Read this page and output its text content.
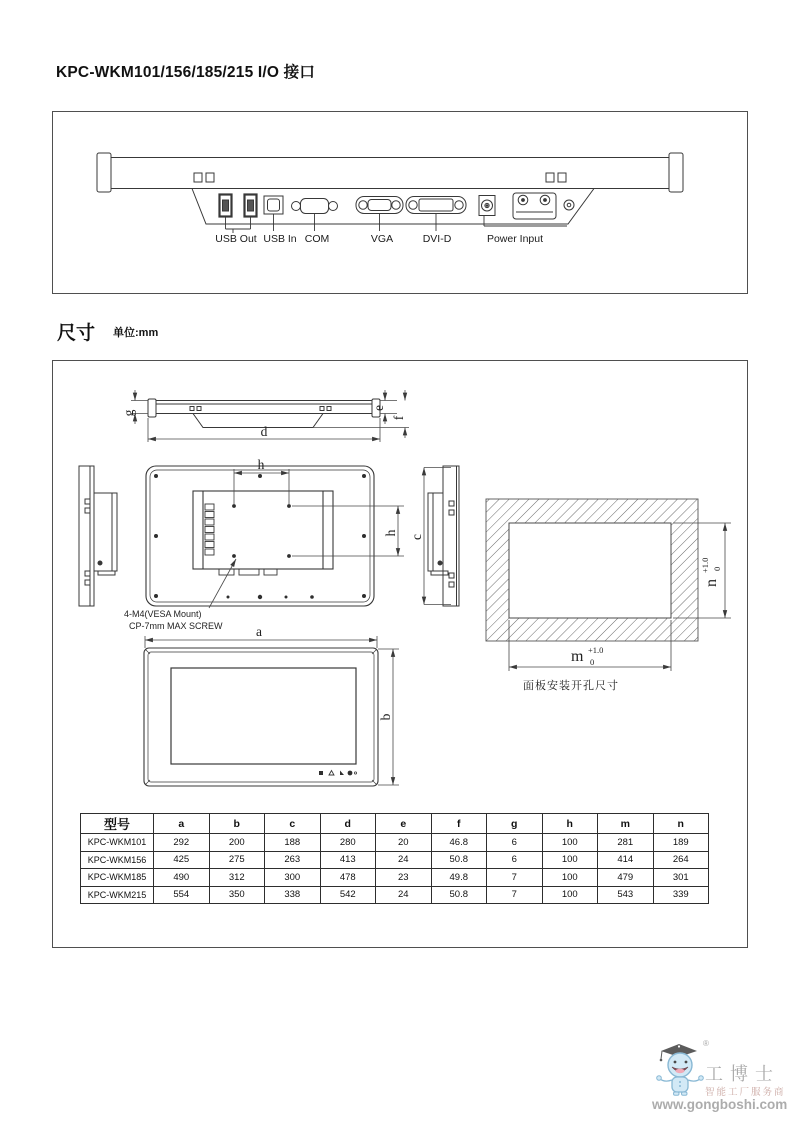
KPC-WKM101/156/185/215 I/O 接口
USB Out USB In COM	VGA	DVI-D	Power Input
尺寸 单位:mm
g
e
f
d
h
h
4-M4(VESA Mount)
CP-7mm MAX SCREW
c
a
b
m +1.0
0
n
+1.0 0
面板安装开孔尺寸
型号	a	b	c	d	e	f	g	h	m	n
KPC-WKM101	292	200	188	280	20	46.8	6	100	281	189
KPC-WKM156	425	275	263	413	24	50.8	6	100	414	264
KPC-WKM185	490	312	300	478	23	49.8	7	100	479	301
KPC-WKM215	554	350	338	542	24	50.8	7	100	543	339
®
工博士
智能工厂服务商
www.gongboshi.com
